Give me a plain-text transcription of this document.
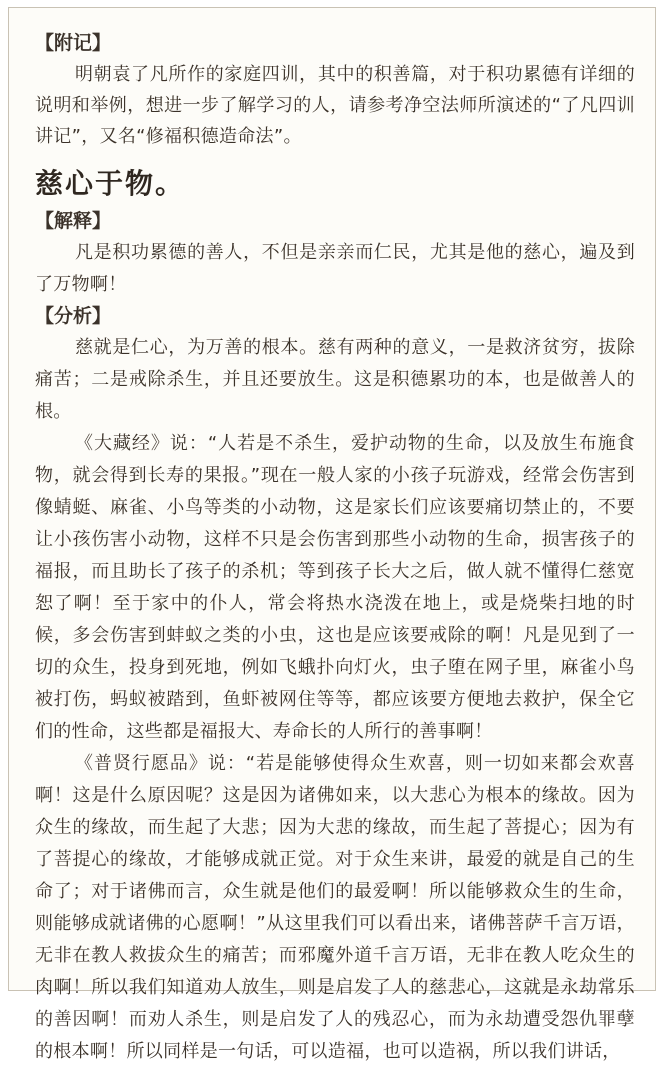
【附记】

明朝袁了凡所作的家庭四训，其中的积善篇，对于积功累德有详细的说明和举例，想进一步了解学习的人，请参考净空法师所演述的“了凡四训讲记”，又名“修福积德造命法”。

慈心于物。
【解释】

凡是积功累德的善人，不但是亲亲而仁民，尤其是他的慈心，遍及到了万物啊！

【分析】

慈就是仁心，为万善的根本。慈有两种的意义，一是救济贫穷，拔除痛苦；二是戒除杀生，并且还要放生。这是积德累功的本，也是做善人的根。

《大藏经》说：“人若是不杀生，爱护动物的生命，以及放生布施食物，就会得到长寿的果报。”现在一般人家的小孩子玩游戏，经常会伤害到像蜻蜓、麻雀、小鸟等类的小动物，这是家长们应该要痛切禁止的，不要让小孩伤害小动物，这样不只是会伤害到那些小动物的生命，损害孩子的福报，而且助长了孩子的杀机；等到孩子长大之后，做人就不懂得仁慈宽恕了啊！至于家中的仆人，常会将热水浇泼在地上，或是烧柴扫地的时候，多会伤害到蚌蚁之类的小虫，这也是应该要戒除的啊！凡是见到了一切的众生，投身到死地，例如飞蛾扑向灯火，虫子堕在网子里，麻雀小鸟被打伤，蚂蚁被踏到，鱼虾被网住等等，都应该要方便地去救护，保全它们的性命，这些都是福报大、寿命长的人所行的善事啊！

《普贤行愿品》说：“若是能够使得众生欢喜，则一切如来都会欢喜啊！这是什么原因呢？这是因为诸佛如来，以大悲心为根本的缘故。因为众生的缘故，而生起了大悲；因为大悲的缘故，而生起了菩提心；因为有了菩提心的缘故，才能够成就正觉。对于众生来讲，最爱的就是自己的生命了；对于诸佛而言，众生就是他们的最爱啊！所以能够救众生的生命，则能够成就诸佛的心愿啊！”从这里我们可以看出来，诸佛菩萨千言万语，无非在教人救拔众生的痛苦；而邪魔外道千言万语，无非在教人吃众生的肉啊！所以我们知道劝人放生，则是启发了人的慈悲心，这就是永劫常乐的善因啊！而劝人杀生，则是启发了人的残忍心，而为永劫遭受怨仇罪孽的根本啊！所以同样是一句话，可以造福，也可以造祸，所以我们讲话，
